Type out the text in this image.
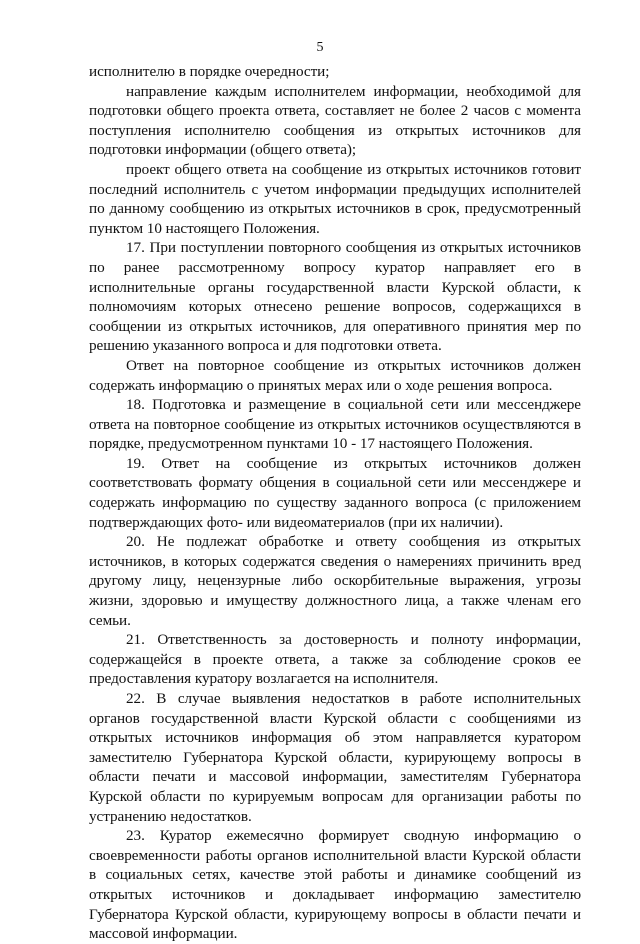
5

исполнителю в порядке очередности;

направление каждым исполнителем информации, необходимой для подготовки общего проекта ответа, составляет не более 2 часов с момента поступления исполнителю сообщения из открытых источников для подготовки информации (общего ответа);

проект общего ответа на сообщение из открытых источников готовит последний исполнитель с учетом информации предыдущих исполнителей по данному сообщению из открытых источников в срок, предусмотренный пунктом 10 настоящего Положения.

17. При поступлении повторного сообщения из открытых источников по ранее рассмотренному вопросу куратор направляет его в исполнительные органы государственной власти Курской области, к полномочиям которых отнесено решение вопросов, содержащихся в сообщении из открытых источников, для оперативного принятия мер по решению указанного вопроса и для подготовки ответа.

Ответ на повторное сообщение из открытых источников должен содержать информацию о принятых мерах или о ходе решения вопроса.

18. Подготовка и размещение в социальной сети или мессенджере ответа на повторное сообщение из открытых источников осуществляются в порядке, предусмотренном пунктами 10 - 17 настоящего Положения.

19. Ответ на сообщение из открытых источников должен соответствовать формату общения в социальной сети или мессенджере и содержать информацию по существу заданного вопроса (с приложением подтверждающих фото- или видеоматериалов (при их наличии).

20. Не подлежат обработке и ответу сообщения из открытых источников, в которых содержатся сведения о намерениях причинить вред другому лицу, нецензурные либо оскорбительные выражения, угрозы жизни, здоровью и имуществу должностного лица, а также членам его семьи.

21. Ответственность за достоверность и полноту информации, содержащейся в проекте ответа, а также за соблюдение сроков ее предоставления куратору возлагается на исполнителя.

22. В случае выявления недостатков в работе исполнительных органов государственной власти Курской области с сообщениями из открытых источников информация об этом направляется куратором заместителю Губернатора Курской области, курирующему вопросы в области печати и массовой информации, заместителям Губернатора Курской области по курируемым вопросам для организации работы по устранению недостатков.

23. Куратор ежемесячно формирует сводную информацию о своевременности работы органов исполнительной власти Курской области в социальных сетях, качестве этой работы и динамике сообщений из открытых источников и докладывает информацию заместителю Губернатора Курской области, курирующему вопросы в области печати и массовой информации.
